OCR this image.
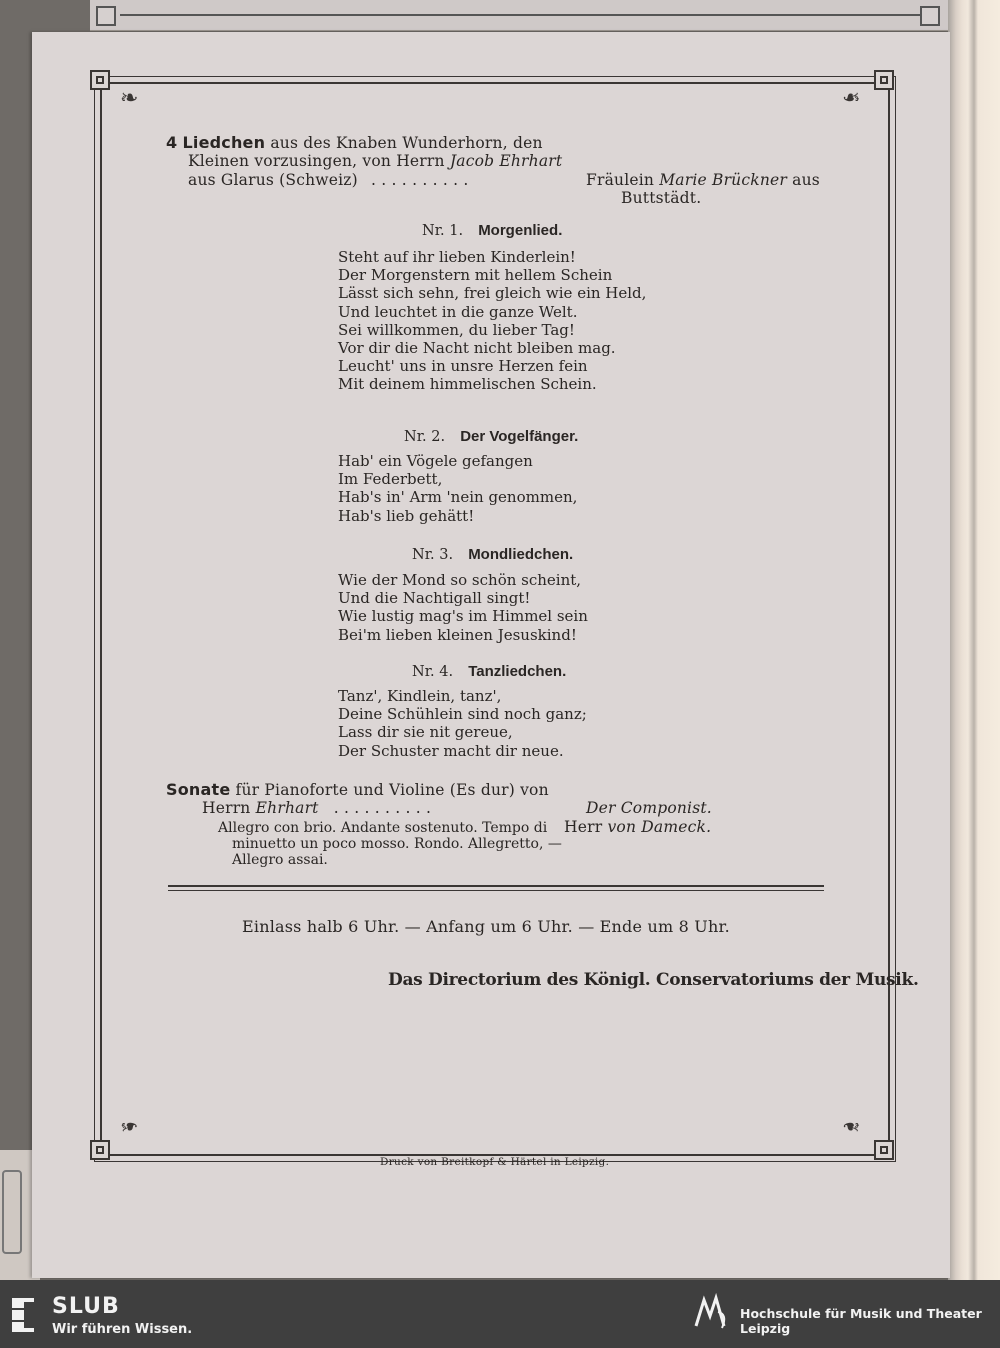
❧	❧
❧	❧
4 Liedchen aus des Knaben Wunderhorn, den
Kleinen vorzusingen, von Herrn Jacob Ehrhart
aus Glarus (Schweiz) . . . . . . . . . .	Fräulein Marie Brückner aus
Buttstädt.
Nr. 1. Morgenlied.
Steht auf ihr lieben Kinderlein!
Der Morgenstern mit hellem Schein
Lässt sich sehn, frei gleich wie ein Held,
Und leuchtet in die ganze Welt.
Sei willkommen, du lieber Tag!
Vor dir die Nacht nicht bleiben mag.
Leucht' uns in unsre Herzen fein
Mit deinem himmelischen Schein.
Nr. 2. Der Vogelfänger.
Hab' ein Vögele gefangen
Im Federbett,
Hab's in' Arm 'nein genommen,
Hab's lieb gehätt!
Nr. 3. Mondliedchen.
Wie der Mond so schön scheint,
Und die Nachtigall singt!
Wie lustig mag's im Himmel sein
Bei'm lieben kleinen Jesuskind!
Nr. 4. Tanzliedchen.
Tanz', Kindlein, tanz',
Deine Schühlein sind noch ganz;
Lass dir sie nit gereue,
Der Schuster macht dir neue.
Sonate für Pianoforte und Violine (Es dur) von
Herrn Ehrhart . . . . . . . . . .	Der Componist.
Herr von Dameck.
Allegro con brio. Andante sostenuto. Tempo di
minuetto un poco mosso. Rondo. Allegretto, —
Allegro assai.
Einlass halb 6 Uhr. — Anfang um 6 Uhr. — Ende um 8 Uhr.
Das Directorium des Königl. Conservatoriums der Musik.
Druck von Breitkopf & Härtel in Leipzig.
SLUB
Wir führen Wissen.
Hochschule für Musik und Theater Leipzig
